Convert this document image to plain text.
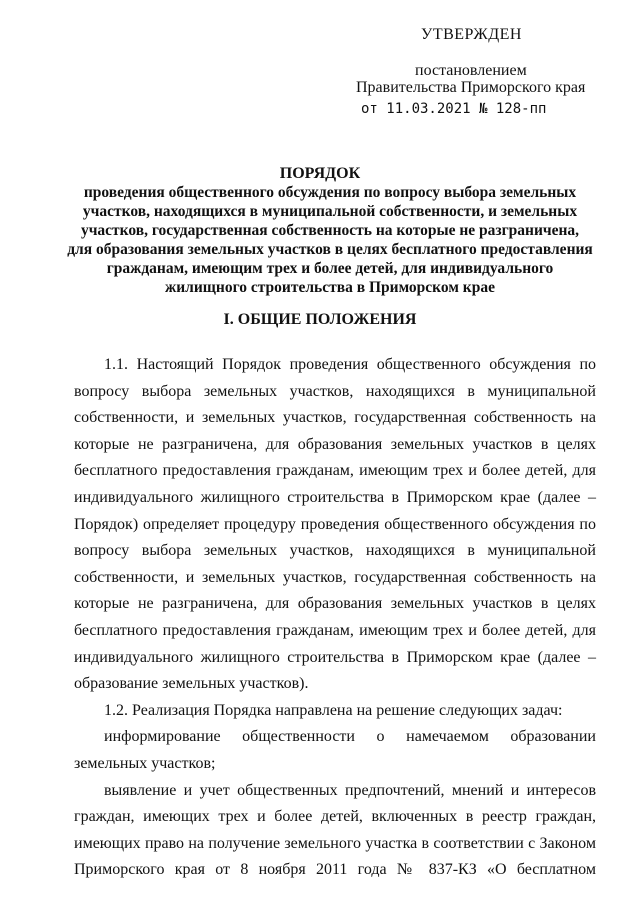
УТВЕРЖДЕН
постановлением
Правительства Приморского края
от 11.03.2021 № 128-пп
ПОРЯДОК
проведения общественного обсуждения по вопросу выбора земельных
участков, находящихся в муниципальной собственности, и земельных
участков, государственная собственность на которые не разграничена,
для образования земельных участков в целях бесплатного предоставления
гражданам, имеющим трех и более детей, для индивидуального
жилищного строительства в Приморском крае
I. ОБЩИЕ ПОЛОЖЕНИЯ

1.1. Настоящий Порядок проведения общественного обсуждения по вопросу выбора земельных участков, находящихся в муниципальной собственности, и земельных участков, государственная собственность на которые не разграничена, для образования земельных участков в целях бесплатного предоставления гражданам, имеющим трех и более детей, для индивидуального жилищного строительства в Приморском крае (далее – Порядок) определяет процедуру проведения общественного обсуждения по вопросу выбора земельных участков, находящихся в муниципальной собственности, и земельных участков, государственная собственность на которые не разграничена, для образования земельных участков в целях бесплатного предоставления гражданам, имеющим трех и более детей, для индивидуального жилищного строительства в Приморском крае (далее – образование земельных участков).

1.2. Реализация Порядка направлена на решение следующих задач:

информирование общественности о намечаемом образовании земельных участков;

выявление и учет общественных предпочтений, мнений и интересов граждан, имеющих трех и более детей, включенных в реестр граждан, имеющих право на получение земельного участка в соответствии с Законом Приморского края от 8 ноября 2011 года № 837-КЗ «О бесплатном
